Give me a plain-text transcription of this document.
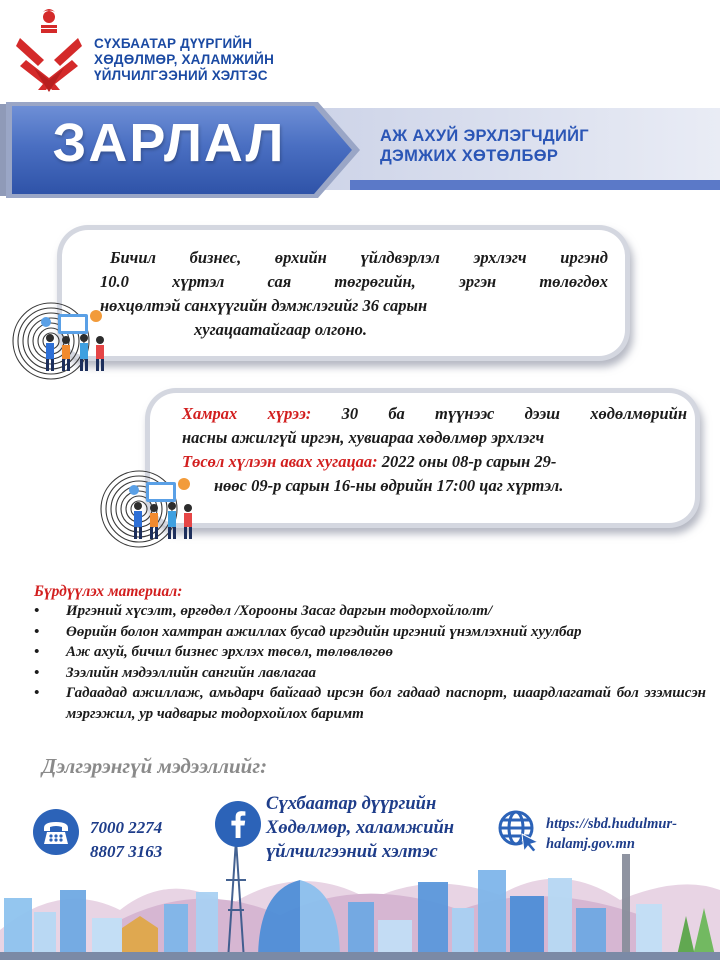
СҮХБААТАР ДҮҮРГИЙН
ХӨДӨЛМӨР, ХАЛАМЖИЙН
ҮЙЛЧИЛГЭЭНИЙ ХЭЛТЭС
ЗАРЛАЛ	АЖ АХУЙ ЭРХЛЭГЧДИЙГ
ДЭМЖИХ ХӨТӨЛБӨР
Бичил бизнес, өрхийн үйлдвэрлэл эрхлэгч иргэнд
10.0 хүртэл сая төгрөгийн, эргэн төлөгдөх
нөхцөлтэй санхүүгийн дэмжлэгийг 36 сарын
хугацаатайгаар олгоно.
Хамрах хүрээ: 30 ба түүнээс дээш хөдөлмөрийн
насны ажилгүй иргэн, хувиараа хөдөлмөр эрхлэгч
Төсөл хүлээн авах хугацаа: 2022 оны 08-р сарын 29-
нөөс 09-р сарын 16-ны өдрийн 17:00 цаг хүртэл.
Бүрдүүлэх материал:
• Иргэний хүсэлт, өргөдөл /Хорооны Засаг даргын тодорхойлолт/
• Өөрийн болон хамтран ажиллах бусад иргэдийн иргэний үнэмлэхний хуулбар
• Аж ахуй, бичил бизнес эрхлэх төсөл, төлөвлөгөө
• Зээлийн мэдээллийн сангийн лавлагаа
• Гадаадад ажиллаж, амьдарч байгаад ирсэн бол гадаад паспорт, шаардлагатай бол эзэмшсэн мэргэжил, ур чадварыг тодорхойлох баримт
Дэлгэрэнгүй мэдээллийг:
7000 2274
8807 3163
Сүхбаатар дүүргийн
Хөдөлмөр, халамжийн
үйлчилгээний хэлтэс
https://sbd.hudulmur-
halamj.gov.mn
